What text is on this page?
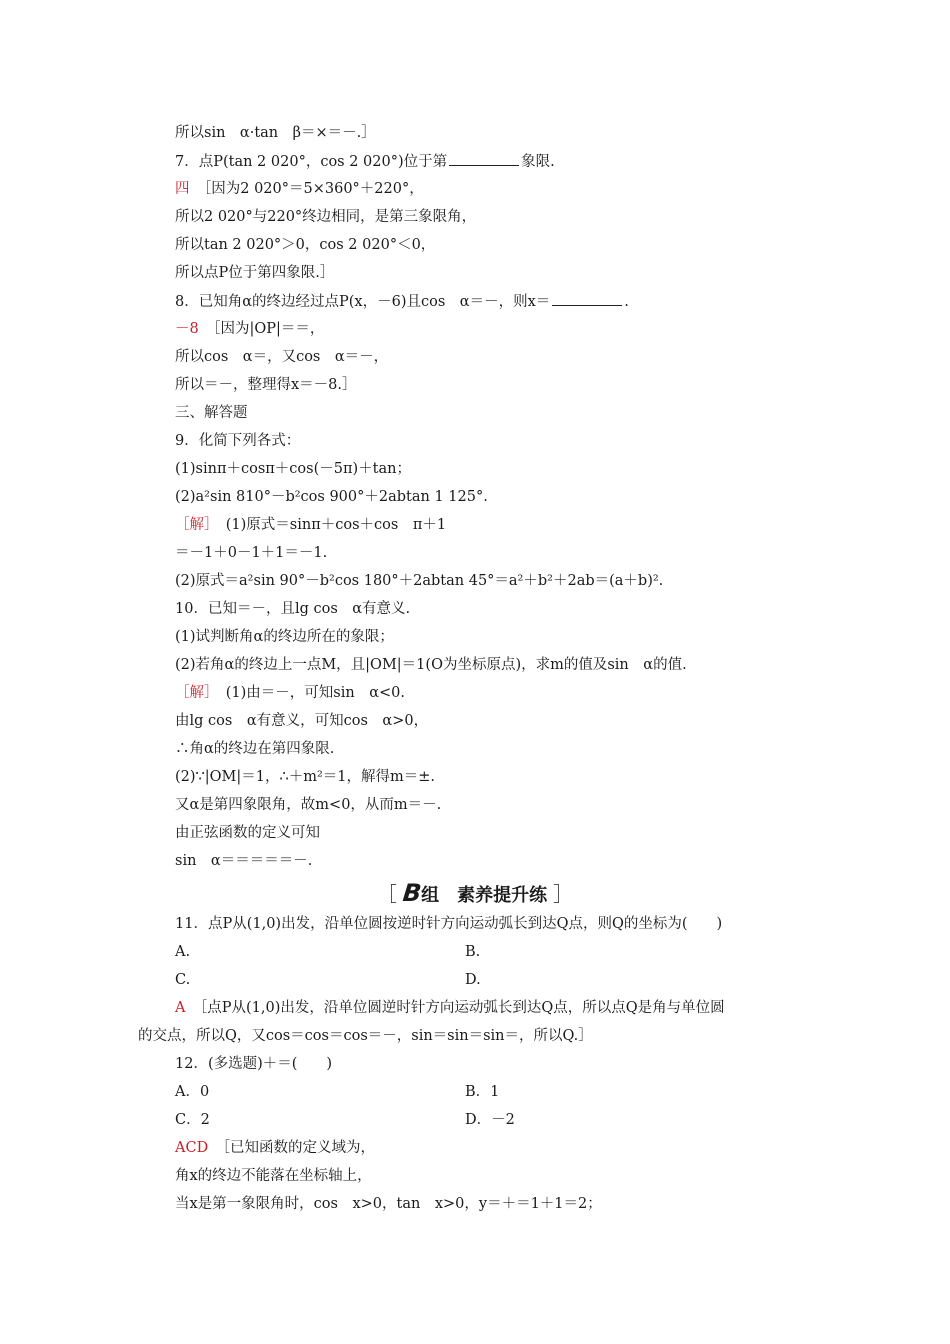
所以sin　α·tan　β＝×＝－.］
7．点P(tan 2 020°，cos 2 020°)位于第	象限.
四　 ［因为2 020°＝5×360°＋220°，
所以2 020°与220°终边相同，是第三象限角，
所以tan 2 020°＞0，cos 2 020°＜0，
所以点P位于第四象限.］
8．已知角α的终边经过点P(x，－6)且cos　α＝－，则x＝	.
－8　 ［因为|OP|＝＝，
所以cos　α＝，又cos　α＝－，
所以＝－，整理得x＝－8.］
三、解答题
9．化简下列各式：
(1)sinπ＋cosπ＋cos(－5π)＋tan；
(2)a²sin 810°－b²cos 900°＋2abtan 1 125°.
［解］　 (1)原式＝sinπ＋cos＋cos　π＋1
＝－1＋0－1＋1＝－1.
(2)原式＝a²sin 90°－b²cos 180°＋2abtan 45°＝a²＋b²＋2ab＝(a＋b)².
10．已知＝－，且lg cos　α有意义.
(1)试判断角α的终边所在的象限；
(2)若角α的终边上一点M，且|OM|＝1(O为坐标原点)，求m的值及sin　α的值.
［解］　 (1)由＝－，可知sin　α<0.
由lg cos　α有意义，可知cos　α>0，
∴角α的终边在第四象限.
(2)∵|OM|＝1，∴＋m²＝1，解得m＝±.
又α是第四象限角，故m<0，从而m＝－.
由正弦函数的定义可知
sin　α＝＝＝＝＝－.
［ B组　素养提升练 ］
11．点P从(1,0)出发，沿单位圆按逆时针方向运动弧长到达Q点，则Q的坐标为(　　)
A.	B.
C.	D.
A　 ［点P从(1,0)出发，沿单位圆逆时针方向运动弧长到达Q点，所以点Q是角与单位圆
的交点，所以Q，又cos＝cos＝cos＝－，sin＝sin＝sin＝，所以Q.］
12．(多选题)＋＝(　　)
A．0	B．1
C．2	D．－2
ACD　 ［已知函数的定义域为，
角x的终边不能落在坐标轴上，
当x是第一象限角时，cos　x>0，tan　x>0，y＝＋＝1＋1＝2；
